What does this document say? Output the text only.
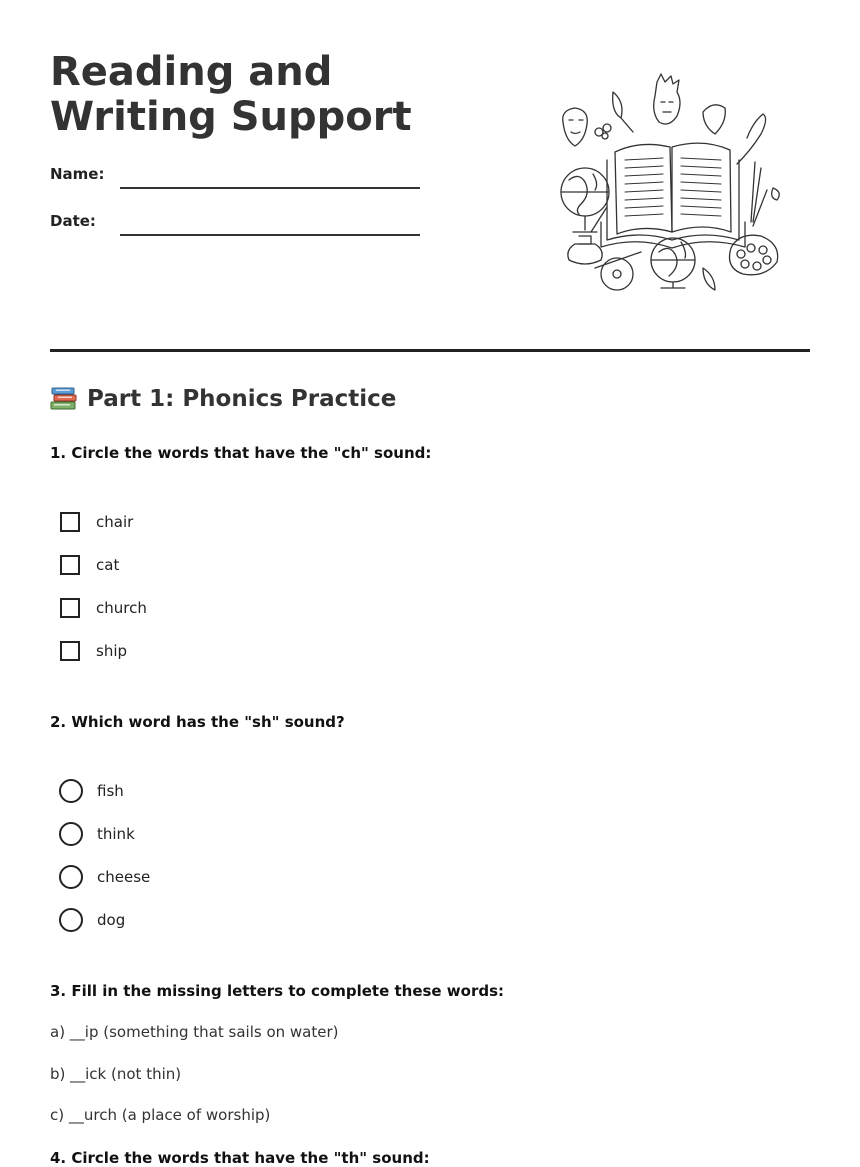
Reading and Writing Support
Name:
Date:
Part 1: Phonics Practice

1. Circle the words that have the "ch" sound:

chair
cat
church
ship

2. Which word has the "sh" sound?

fish
think
cheese
dog

3. Fill in the missing letters to complete these words:

a) __ip (something that sails on water)
b) __ick (not thin)
c) __urch (a place of worship)

4. Circle the words that have the "th" sound:
